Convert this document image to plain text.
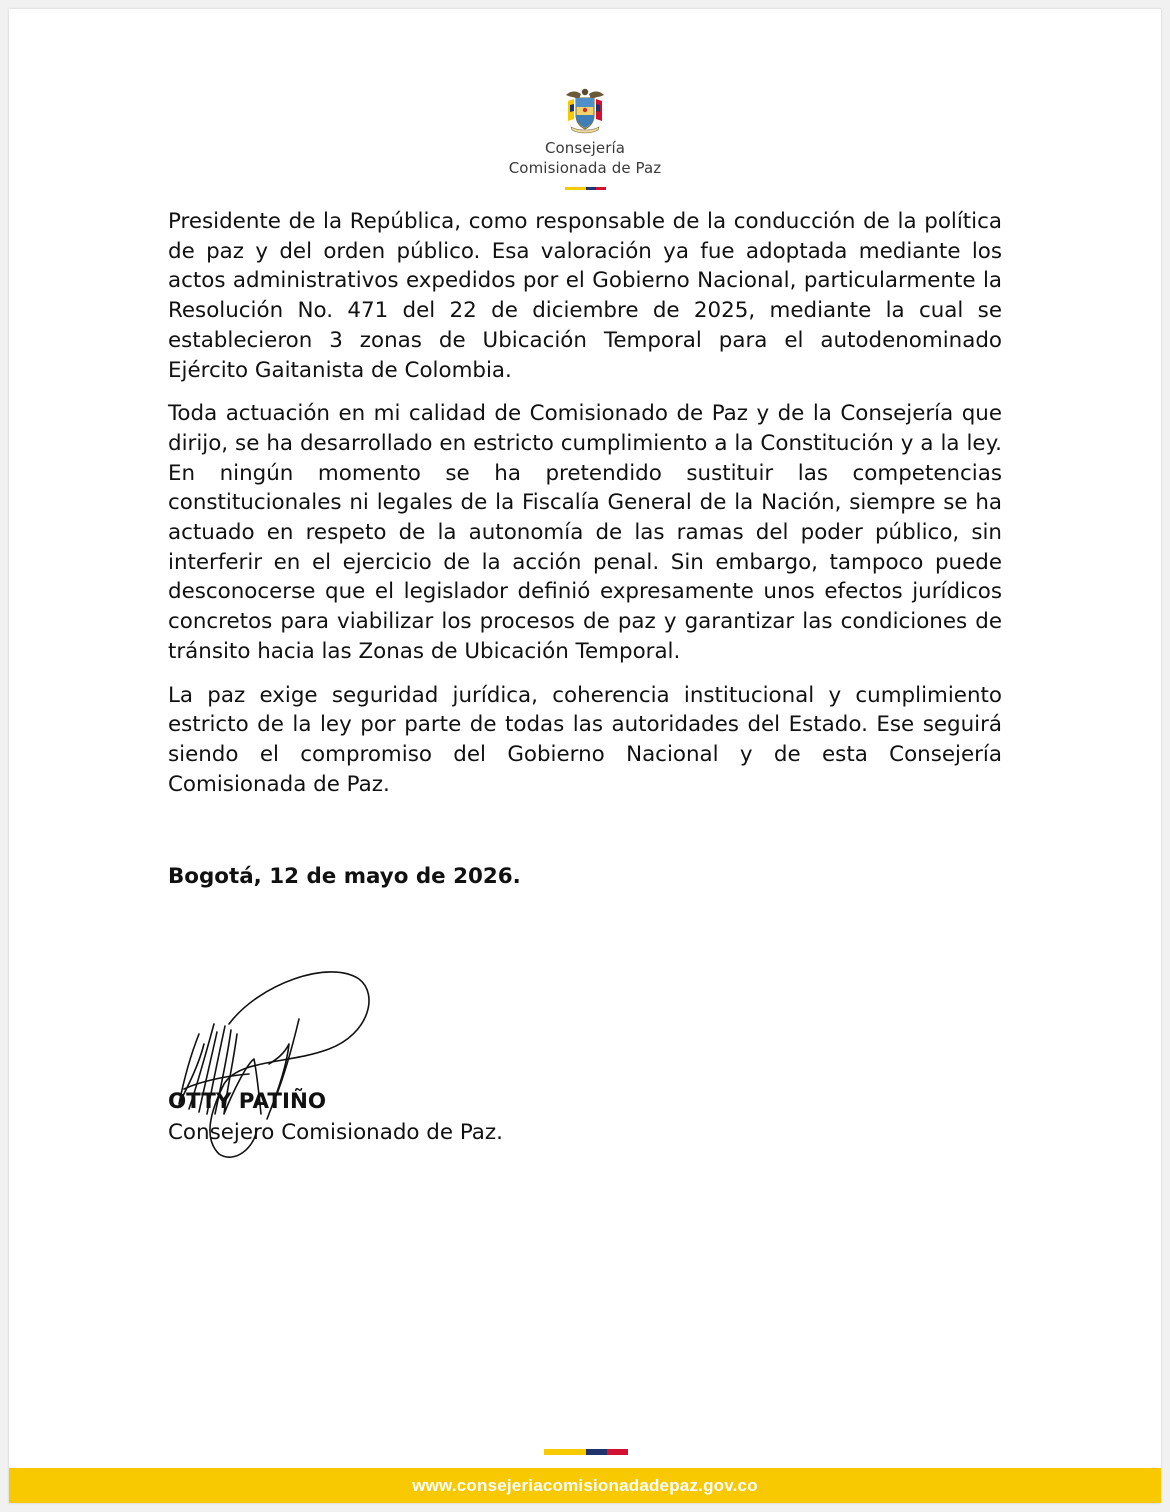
Consejería
Comisionada de Paz

Presidente de la República, como responsable de la conducción de la política de paz y del orden público. Esa valoración ya fue adoptada mediante los actos administrativos expedidos por el Gobierno Nacional, particularmente la Resolución No. 471 del 22 de diciembre de 2025, mediante la cual se establecieron 3 zonas de Ubicación Temporal para el autodenominado Ejército Gaitanista de Colombia.

Toda actuación en mi calidad de Comisionado de Paz y de la Consejería que dirijo, se ha desarrollado en estricto cumplimiento a la Constitución y a la ley. En ningún momento se ha pretendido sustituir las competencias constitucionales ni legales de la Fiscalía General de la Nación, siempre se ha actuado en respeto de la autonomía de las ramas del poder público, sin interferir en el ejercicio de la acción penal. Sin embargo, tampoco puede desconocerse que el legislador definió expresamente unos efectos jurídicos concretos para viabilizar los procesos de paz y garantizar las condiciones de tránsito hacia las Zonas de Ubicación Temporal.

La paz exige seguridad jurídica, coherencia institucional y cumplimiento estricto de la ley por parte de todas las autoridades del Estado. Ese seguirá siendo el compromiso del Gobierno Nacional y de esta Consejería Comisionada de Paz.

Bogotá, 12 de mayo de 2026.
OTTY PATIÑO
Consejero Comisionado de Paz.
www.consejeriacomisionadadepaz.gov.co
